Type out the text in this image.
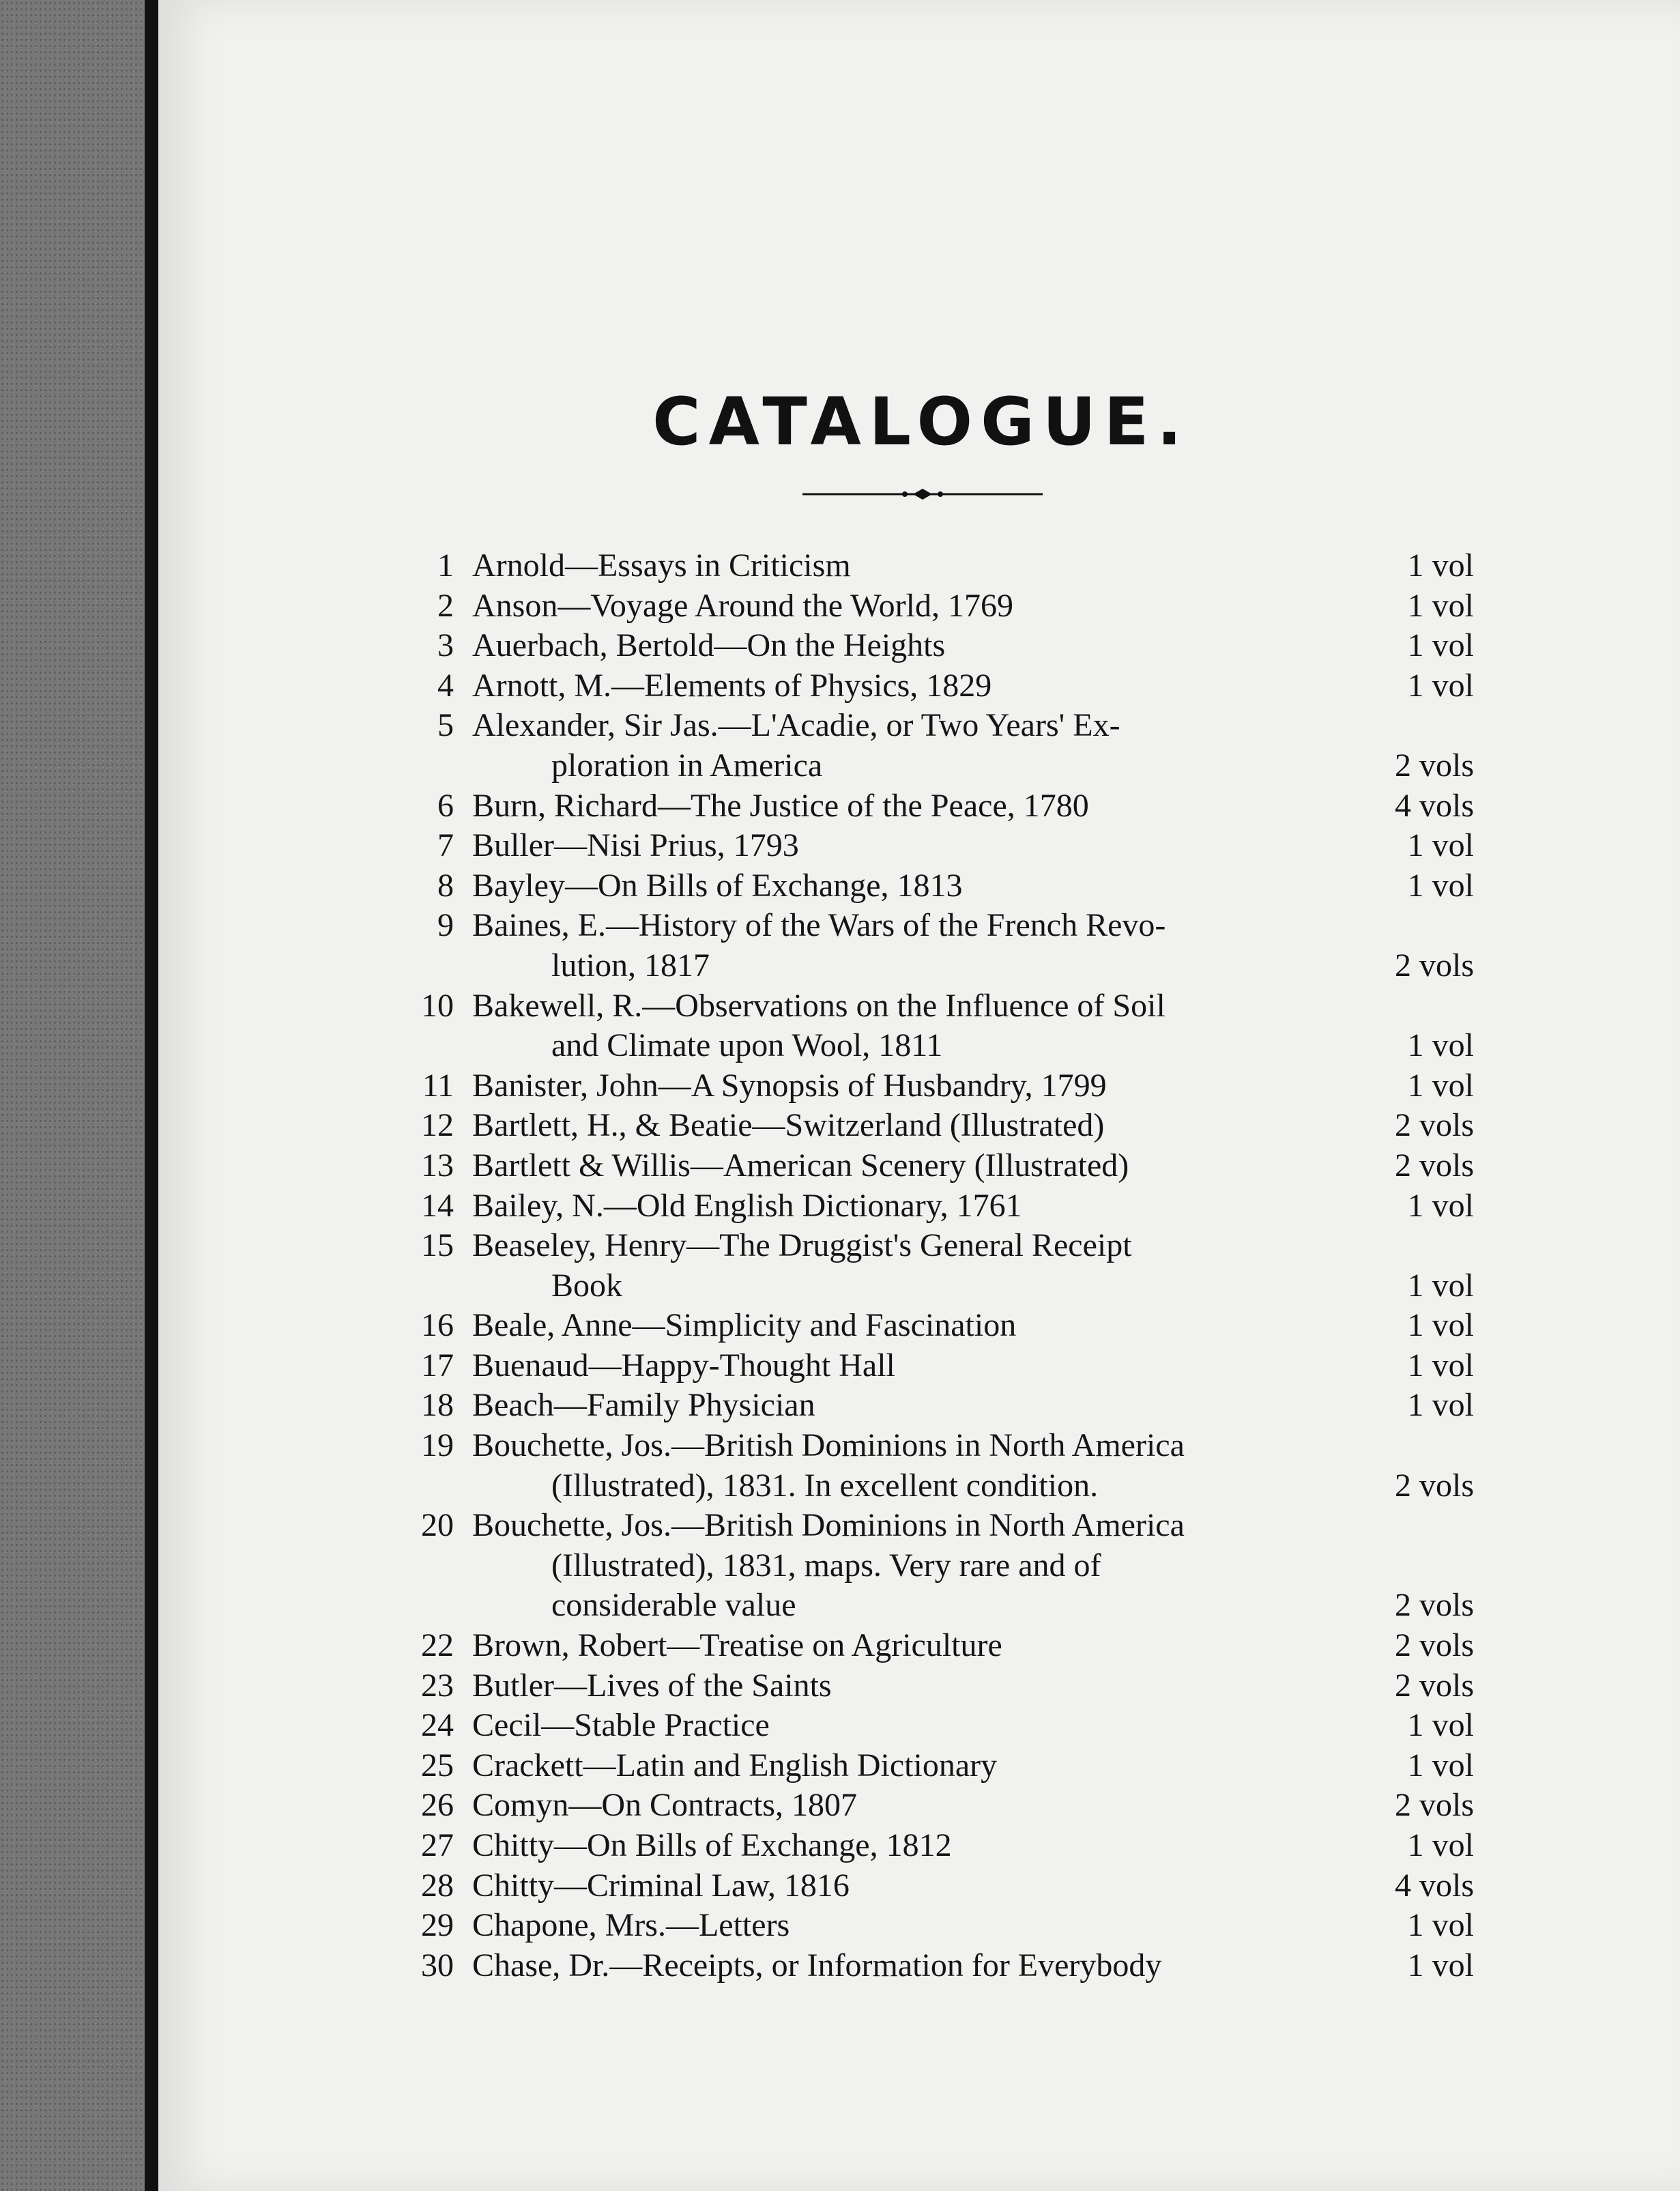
CATALOGUE.
1 Arnold—Essays in Criticism	1 vol
2 Anson—Voyage Around the World, 1769	1 vol
3 Auerbach, Bertold—On the Heights	1 vol
4 Arnott, M.—Elements of Physics, 1829	1 vol
5 Alexander, Sir Jas.—L'Acadie, or Two Years' Ex-
ploration in America	2 vols
6 Burn, Richard—The Justice of the Peace, 1780	4 vols
7 Buller—Nisi Prius, 1793	1 vol
8 Bayley—On Bills of Exchange, 1813	1 vol
9 Baines, E.—History of the Wars of the French Revo-
lution, 1817	2 vols
10 Bakewell, R.—Observations on the Influence of Soil
and Climate upon Wool, 1811	1 vol
11 Banister, John—A Synopsis of Husbandry, 1799	1 vol
12 Bartlett, H., & Beatie—Switzerland (Illustrated)	2 vols
13 Bartlett & Willis—American Scenery (Illustrated)	2 vols
14 Bailey, N.—Old English Dictionary, 1761	1 vol
15 Beaseley, Henry—The Druggist's General Receipt
Book	1 vol
16 Beale, Anne—Simplicity and Fascination	1 vol
17 Buenaud—Happy-Thought Hall	1 vol
18 Beach—Family Physician	1 vol
19 Bouchette, Jos.—British Dominions in North America
(Illustrated), 1831. In excellent condition.	2 vols
20 Bouchette, Jos.—British Dominions in North America
(Illustrated), 1831, maps. Very rare and of
considerable value	2 vols
22 Brown, Robert—Treatise on Agriculture	2 vols
23 Butler—Lives of the Saints	2 vols
24 Cecil—Stable Practice	1 vol
25 Crackett—Latin and English Dictionary	1 vol
26 Comyn—On Contracts, 1807	2 vols
27 Chitty—On Bills of Exchange, 1812	1 vol
28 Chitty—Criminal Law, 1816	4 vols
29 Chapone, Mrs.—Letters	1 vol
30 Chase, Dr.—Receipts, or Information for Everybody	1 vol
